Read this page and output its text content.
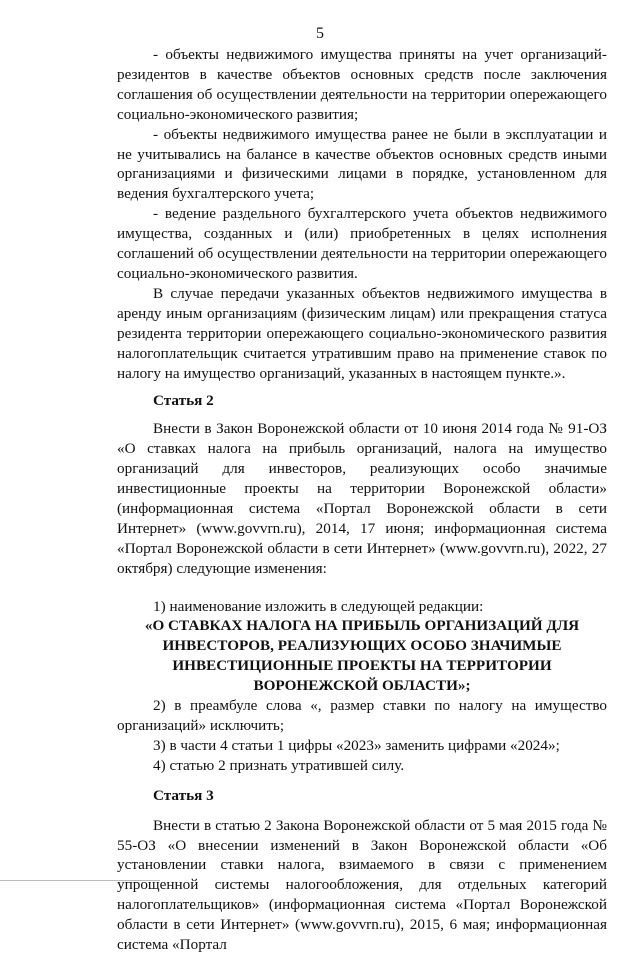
5

- объекты недвижимого имущества приняты на учет организаций-резидентов в качестве объектов основных средств после заключения соглашения об осуществлении деятельности на территории опережающего социально-экономического развития;

- объекты недвижимого имущества ранее не были в эксплуатации и не учитывались на балансе в качестве объектов основных средств иными организациями и физическими лицами в порядке, установленном для ведения бухгалтерского учета;

- ведение раздельного бухгалтерского учета объектов недвижимого имущества, созданных и (или) приобретенных в целях исполнения соглашений об осуществлении деятельности на территории опережающего социально-экономического развития.

В случае передачи указанных объектов недвижимого имущества в аренду иным организациям (физическим лицам) или прекращения статуса резидента территории опережающего социально-экономического развития налогоплательщик считается утратившим право на применение ставок по налогу на имущество организаций, указанных в настоящем пункте.».

Статья 2

Внести в Закон Воронежской области от 10 июня 2014 года № 91-ОЗ «О ставках налога на прибыль организаций, налога на имущество организаций для инвесторов, реализующих особо значимые инвестиционные проекты на территории Воронежской области» (информационная система «Портал Воронежской области в сети Интернет» (www.govvrn.ru), 2014, 17 июня; информационная система «Портал Воронежской области в сети Интернет» (www.govvrn.ru), 2022, 27 октября) следующие изменения:

1) наименование изложить в следующей редакции:

«О СТАВКАХ НАЛОГА НА ПРИБЫЛЬ ОРГАНИЗАЦИЙ ДЛЯ ИНВЕСТОРОВ, РЕАЛИЗУЮЩИХ ОСОБО ЗНАЧИМЫЕ ИНВЕСТИЦИОННЫЕ ПРОЕКТЫ НА ТЕРРИТОРИИ ВОРОНЕЖСКОЙ ОБЛАСТИ»;

2) в преамбуле слова «, размер ставки по налогу на имущество организаций» исключить;

3) в части 4 статьи 1 цифры «2023» заменить цифрами «2024»;

4) статью 2 признать утратившей силу.

Статья 3

Внести в статью 2 Закона Воронежской области от 5 мая 2015 года № 55-ОЗ «О внесении изменений в Закон Воронежской области «Об установлении ставки налога, взимаемого в связи с применением упрощенной системы налогообложения, для отдельных категорий налогоплательщиков» (информационная система «Портал Воронежской области в сети Интернет» (www.govvrn.ru), 2015, 6 мая; информационная система «Портал
